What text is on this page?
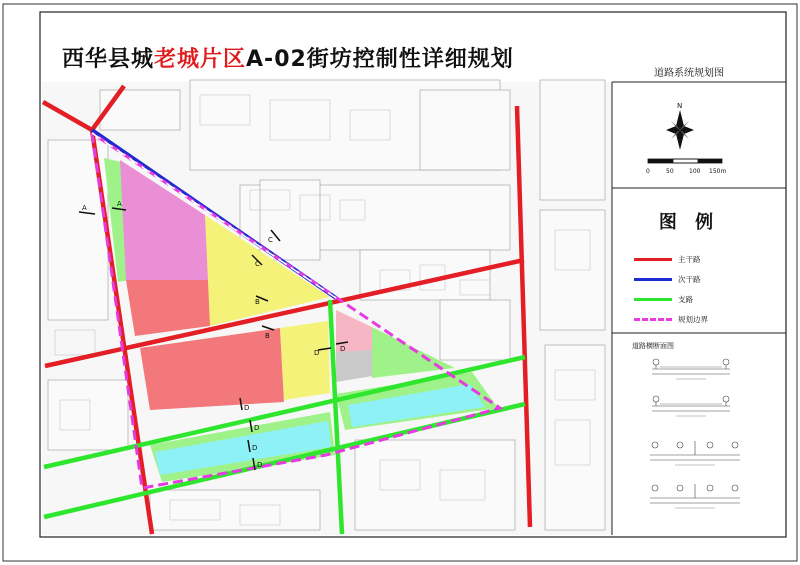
A	A
B
B
C
C
D	D
D
D
D
D
N
0	50	100 150m
西华县城老城片区A-02街坊控制性详细规划
道路系统规划图
图 例
主干路
次干路
支路
规划边界
道路横断面图
